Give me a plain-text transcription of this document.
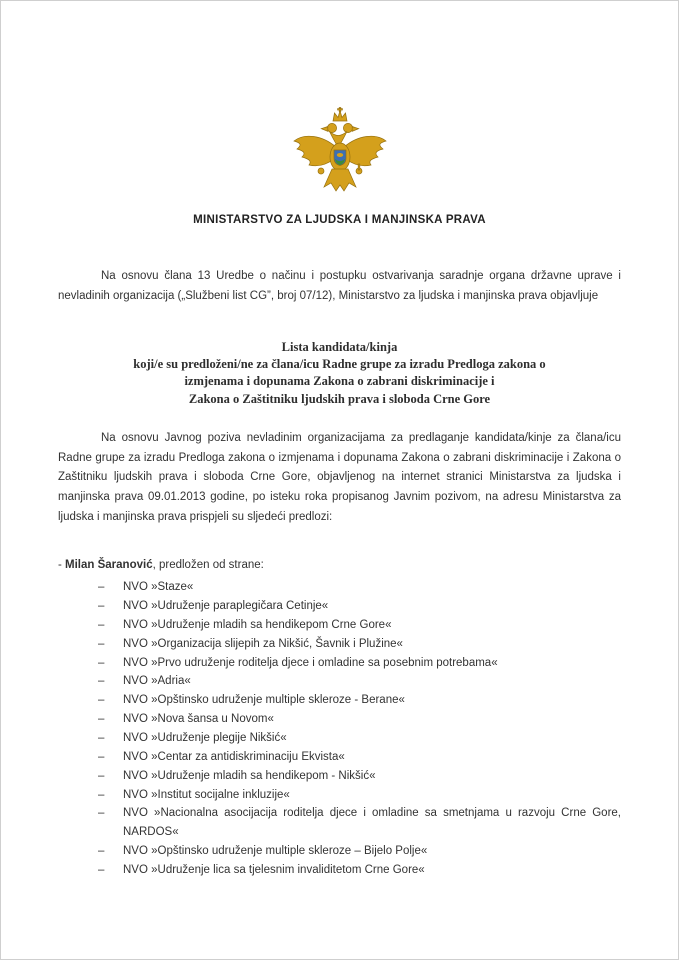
MINISTARSTVO ZA LJUDSKA I MANJINSKA PRAVA

Na osnovu člana 13 Uredbe o načinu i postupku ostvarivanja saradnje organa državne uprave i nevladinih organizacija („Službeni list CG”, broj 07/12), Ministarstvo za ljudska i manjinska prava objavljuje

Lista kandidata/kinja
koji/e su predloženi/ne za člana/icu Radne grupe za izradu Predloga zakona o
izmjenama i dopunama Zakona o zabrani diskriminacije i
Zakona o Zaštitniku ljudskih prava i sloboda Crne Gore

Na osnovu Javnog poziva nevladinim organizacijama za predlaganje kandidata/kinje za člana/icu Radne grupe za izradu Predloga zakona o izmjenama i dopunama Zakona o zabrani diskriminacije i Zakona o Zaštitniku ljudskih prava i sloboda Crne Gore, objavljenog na internet stranici Ministarstva za ljudska i manjinska prava 09.01.2013 godine, po isteku roka propisanog Javnim pozivom, na adresu Ministarstva za ljudska i manjinska prava prispjeli su sljedeći predlozi:

- Milan Šaranović, predložen od strane:
–	NVO »Staze«
–	NVO »Udruženje paraplegičara Cetinje«
–	NVO »Udruženje mladih sa hendikepom Crne Gore«
–	NVO »Organizacija slijepih za Nikšić, Šavnik i Plužine«
–	NVO »Prvo udruženje roditelja djece i omladine sa posebnim potrebama«
–	NVO »Adria«
–	NVO »Opštinsko udruženje multiple skleroze - Berane«
–	NVO »Nova šansa u Novom«
–	NVO »Udruženje plegije Nikšić«
–	NVO »Centar za antidiskriminaciju Ekvista«
–	NVO »Udruženje mladih sa hendikepom - Nikšić«
–	NVO »Institut socijalne inkluzije«
–	NVO »Nacionalna asocijacija roditelja djece i omladine sa smetnjama u razvoju Crne Gore, NARDOS«
–	NVO »Opštinsko udruženje multiple skleroze – Bijelo Polje«
–	NVO »Udruženje lica sa tjelesnim invaliditetom Crne Gore«
